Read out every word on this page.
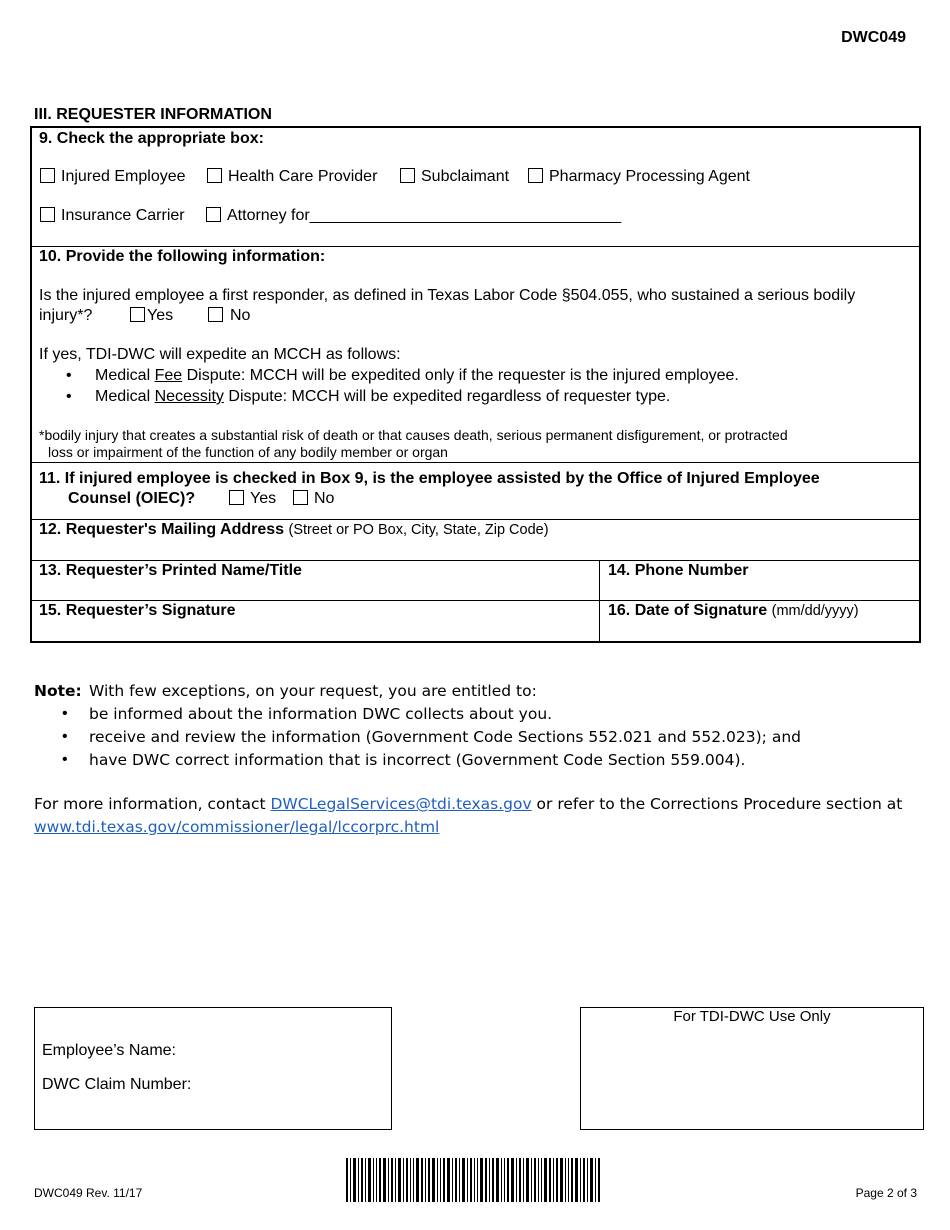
DWC049
III. REQUESTER INFORMATION
9. Check the appropriate box:
Injured Employee	Health Care Provider	Subclaimant	Pharmacy Processing Agent
Insurance Carrier	Attorney for___________________________________
10. Provide the following information:
Is the injured employee a first responder, as defined in Texas Labor Code §504.055, who sustained a serious bodily
injury*?	Yes	No
If yes, TDI-DWC will expedite an MCCH as follows:
• Medical Fee Dispute: MCCH will be expedited only if the requester is the injured employee.
• Medical Necessity Dispute: MCCH will be expedited regardless of requester type.
*bodily injury that creates a substantial risk of death or that causes death, serious permanent disfigurement, or protracted
loss or impairment of the function of any bodily member or organ
11. If injured employee is checked in Box 9, is the employee assisted by the Office of Injured Employee
Counsel (OIEC)?	Yes	No
12. Requester's Mailing Address (Street or PO Box, City, State, Zip Code)
13. Requester’s Printed Name/Title	14. Phone Number
15. Requester’s Signature	16. Date of Signature (mm/dd/yyyy)
Note: With few exceptions, on your request, you are entitled to:
• be informed about the information DWC collects about you.
• receive and review the information (Government Code Sections 552.021 and 552.023); and
• have DWC correct information that is incorrect (Government Code Section 559.004).
For more information, contact DWCLegalServices@tdi.texas.gov or refer to the Corrections Procedure section at
www.tdi.texas.gov/commissioner/legal/lccorprc.html
Employee’s Name:
DWC Claim Number:
For TDI-DWC Use Only
DWC049 Rev. 11/17	Page 2 of 3
